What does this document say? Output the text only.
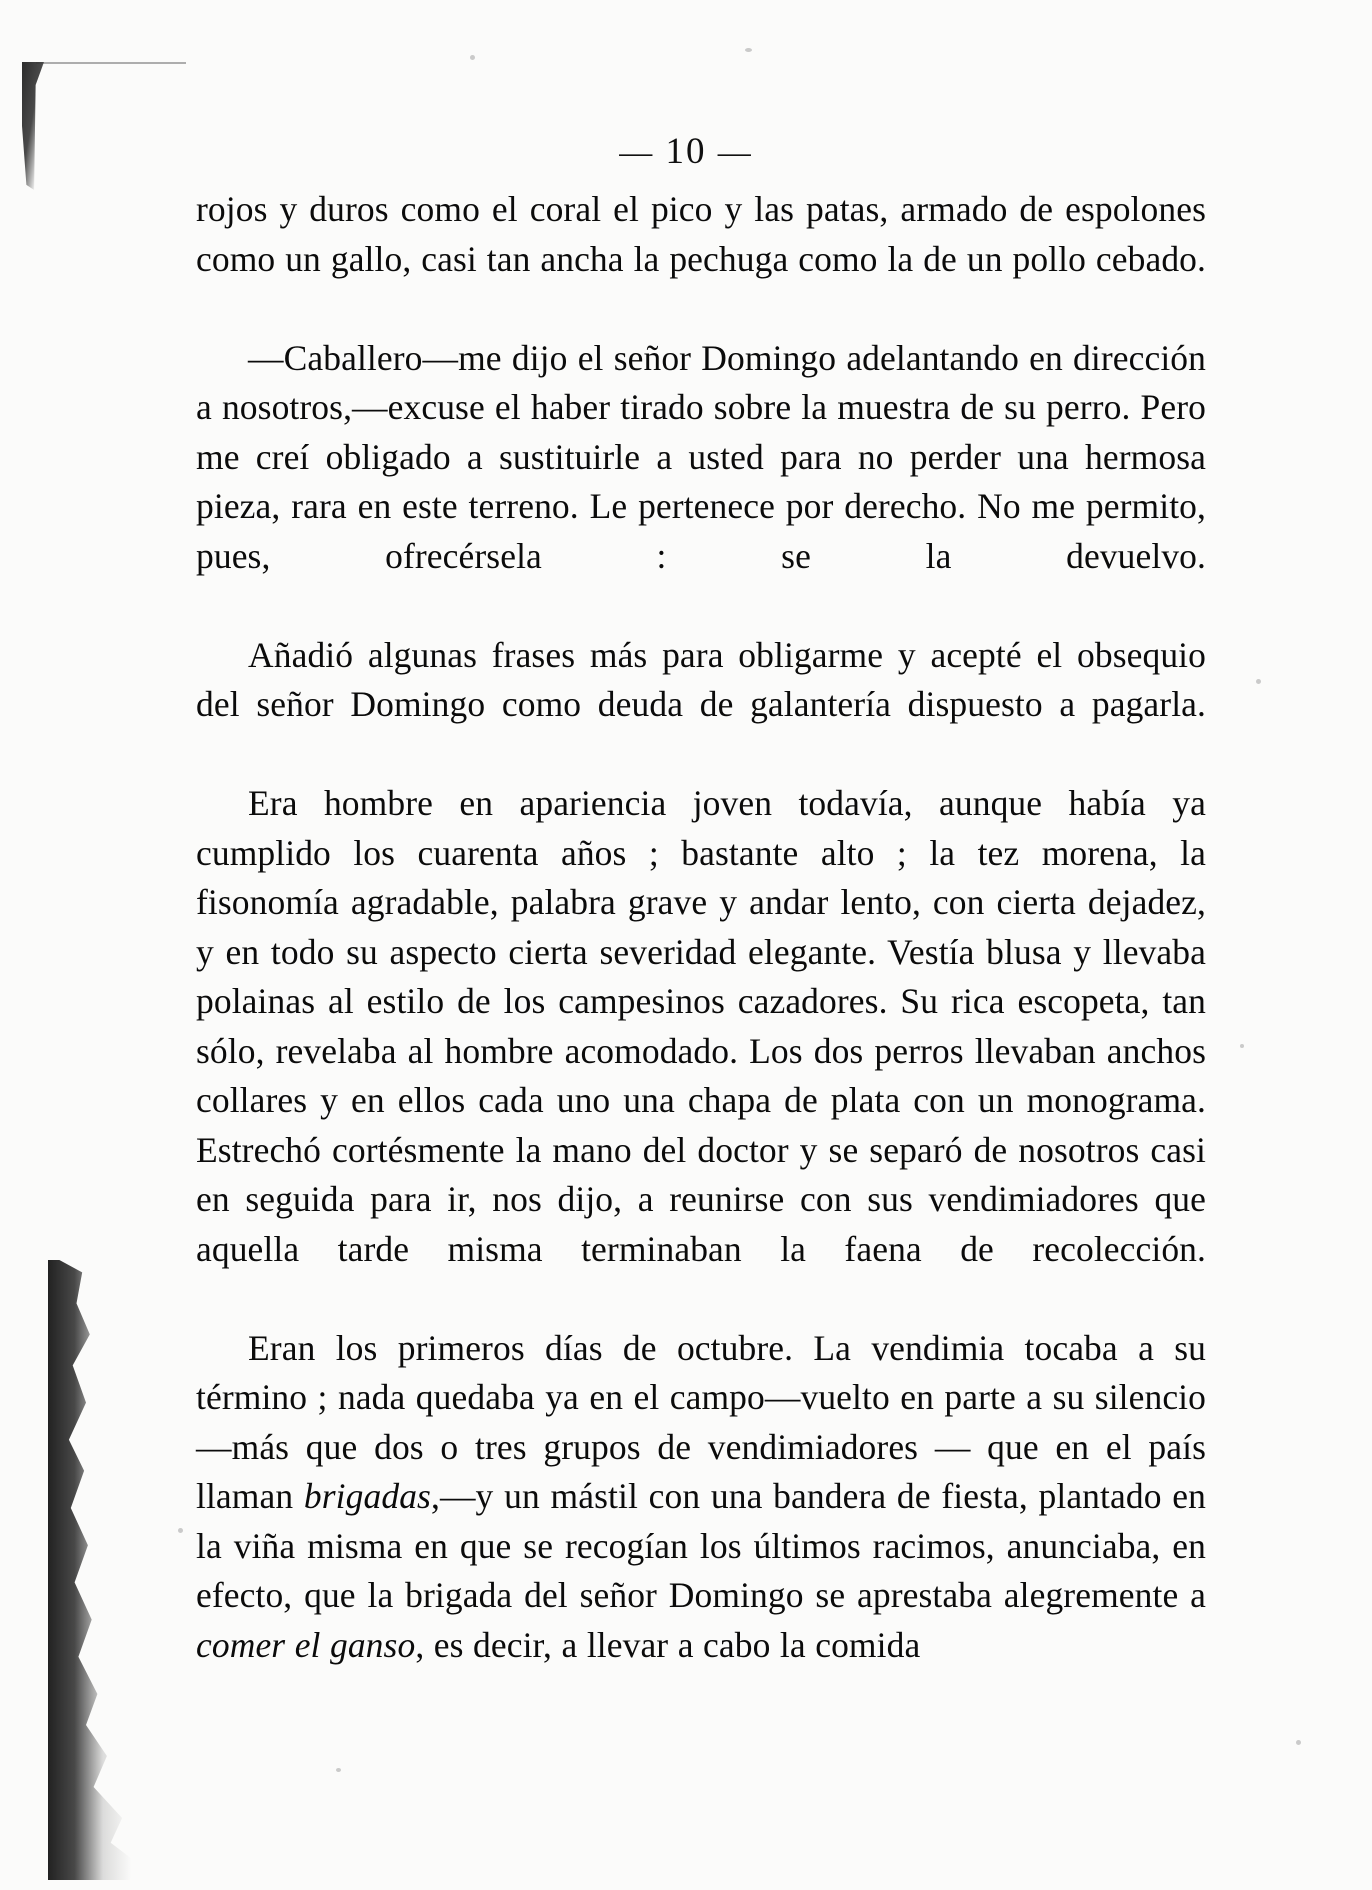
— 10 —

rojos y duros como el coral el pico y las patas, armado de espolones como un gallo, casi tan ancha la pechuga como la de un pollo cebado.

—Caballero—me dijo el señor Domingo adelantando en dirección a nosotros,—excuse el haber tirado sobre la muestra de su perro. Pero me creí obligado a sustituirle a usted para no perder una hermosa pieza, rara en este terreno. Le pertenece por derecho. No me permito, pues, ofrecérsela : se la devuelvo.

Añadió algunas frases más para obligarme y acepté el obsequio del señor Domingo como deuda de galantería dispuesto a pagarla.

Era hombre en apariencia joven todavía, aunque había ya cumplido los cuarenta años ; bastante alto ; la tez morena, la fisonomía agradable, palabra grave y andar lento, con cierta dejadez, y en todo su aspecto cierta severidad elegante. Vestía blusa y llevaba polainas al estilo de los campesinos cazadores. Su rica escopeta, tan sólo, revelaba al hombre acomodado. Los dos perros llevaban anchos collares y en ellos cada uno una chapa de plata con un monograma. Estrechó cortésmente la mano del doctor y se separó de nosotros casi en seguida para ir, nos dijo, a reunirse con sus vendimiadores que aquella tarde misma terminaban la faena de recolección.

Eran los primeros días de octubre. La vendimia tocaba a su término ; nada quedaba ya en el campo—vuelto en parte a su silencio—más que dos o tres grupos de vendimiadores — que en el país llaman brigadas,—y un mástil con una bandera de fiesta, plantado en la viña misma en que se recogían los últimos racimos, anunciaba, en efecto, que la brigada del señor Domingo se aprestaba alegremente a comer el ganso, es decir, a llevar a cabo la comida
